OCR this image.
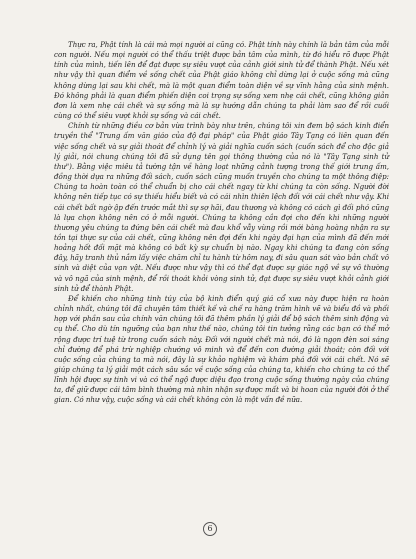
Thực ra, Phật tính là cái mà mọi người ai cũng có. Phật tính này chính là bản tâm của mỗi con người. Nếu mọi người có thể thấu triệt được bản tâm của mình, từ đó hiểu rõ được Phật tính của mình, tiến lên để đạt được sự siêu vượt của cảnh giới sinh tử để thành Phật. Nếu xét như vậy thì quan điểm về sống chết của Phật giáo không chỉ dừng lại ở cuộc sống mà cũng không dừng lại sau khi chết, mà là một quan điểm toàn diện về sự vĩnh hằng của sinh mệnh. Đó không phải là quan điểm phiến diện coi trọng sự sống xem nhẹ cái chết, cũng không giản đơn là xem nhẹ cái chết và sự sống mà là sự hướng dẫn chúng ta phải làm sao để rồi cuối cùng có thể siêu vượt khỏi sự sống và cái chết.

Chính từ những điều cơ bản vừa trình bày như trên, chúng tôi xin đem bộ sách kinh điển truyền thể "Trung ấm văn giáo của độ đại pháp" của Phật giáo Tây Tạng có liên quan đến việc sống chết và sự giải thoát để chỉnh lý và giải nghĩa cuốn sách (cuốn sách để cho độc giả lý giải, nói chung chúng tôi đã sử dụng tên gọi thông thường của nó là "Tây Tạng sinh tử thư"). Bằng việc miêu tả tường tận về hàng loạt những cảnh tượng trong thế giới trung ấm, đồng thời dựa ra những đối sách, cuốn sách cũng muốn truyền cho chúng ta một thông điệp: Chúng ta hoàn toàn có thể chuẩn bị cho cái chết ngay từ khi chúng ta còn sống. Người đời không nên tiếp tục có sự thiếu hiểu biết và có cái nhìn thiên lệch đối với cái chết như vậy. Khi cái chết bất ngờ ập đến trước mắt thì sự sợ hãi, đau thương và không có cách gì đối phó cũng là lựa chọn không nên có ở mỗi người. Chúng ta không cần đợi cho đến khi những người thương yêu chúng ta đứng bên cái chết mà đau khổ vẫy vùng rồi mới bàng hoàng nhận ra sự tồn tại thực sự của cái chết, cũng không nên đợi đến khi ngày đại hạn của mình đã đến mới hoảng hốt đối mặt mà không có bất kỳ sự chuẩn bị nào. Ngay khi chúng ta đang còn sống đây, hãy tranh thủ nắm lấy việc chăm chỉ tu hành từ hôm nay, đi sâu quan sát vào bản chất vô sinh và diệt của vạn vật. Nếu được như vậy thì có thể đạt được sự giác ngộ về sự vô thường và vô ngã của sinh mệnh, để rồi thoát khỏi vòng sinh tử, đạt được sự siêu vượt khỏi cảnh giới sinh tử để thành Phật.

Để khiến cho những tinh túy của bộ kinh điển quý giá cổ xưa này được hiện ra hoàn chỉnh nhất, chúng tôi đã chuyên tâm thiết kế và chế ra hàng trăm hình vẽ và biểu đồ và phối hợp với phần sau của chính văn chúng tôi đã thêm phần lý giải để bộ sách thêm sinh động và cụ thể. Cho dù tín ngưỡng của bạn như thế nào, chúng tôi tin tưởng rằng các bạn có thể mở rộng được trí tuệ từ trong cuốn sách này. Đối với người chết mà nói, đó là ngọn đèn soi sáng chỉ đường để phá trừ nghiệp chướng vô minh và để đến con đường giải thoát; còn đối với cuộc sống của chúng ta mà nói, đây là sự khảo nghiệm và khám phá đối với cái chết. Nó sẽ giúp chúng ta lý giải một cách sâu sắc về cuộc sống của chúng ta, khiến cho chúng ta có thể lĩnh hội được sự tinh vi và có thể ngộ được diệu đạo trong cuộc sống thường ngày của chúng ta, để giữ được cái tâm bình thường mà nhìn nhận sự được mất và bi hoan của người đời ở thế gian. Có như vậy, cuộc sống và cái chết không còn là một vấn đề nữa.

6
